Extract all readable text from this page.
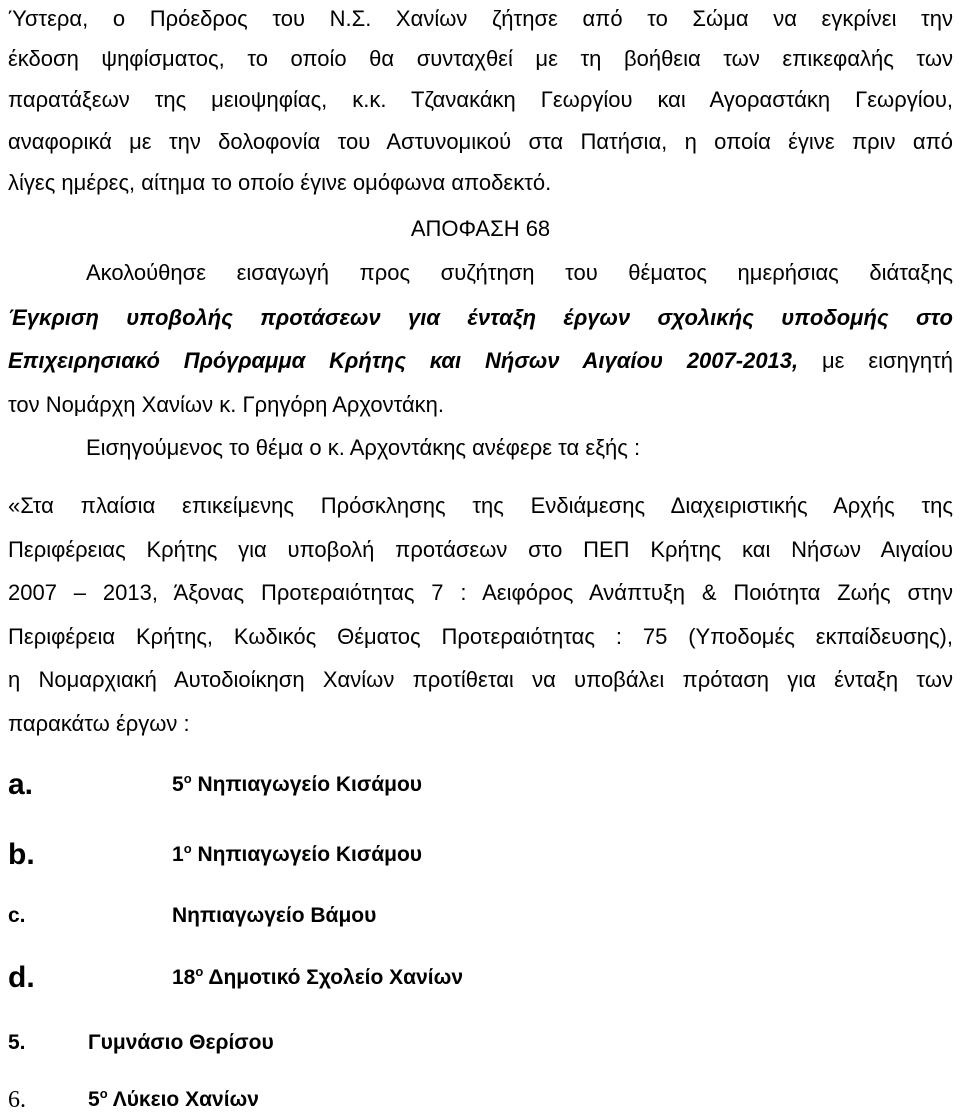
Ύστερα, ο Πρόεδρος του Ν.Σ. Χανίων ζήτησε από το Σώμα να εγκρίνει την
έκδοση ψηφίσματος, το οποίο θα συνταχθεί με τη βοήθεια των επικεφαλής των
παρατάξεων της μειοψηφίας, κ.κ. Τζανακάκη Γεωργίου και Αγοραστάκη Γεωργίου,
αναφορικά με την δολοφονία του Αστυνομικού στα Πατήσια, η οποία έγινε πριν από
λίγες ημέρες, αίτημα το οποίο έγινε ομόφωνα αποδεκτό.
ΑΠΟΦΑΣΗ 68
Ακολούθησε εισαγωγή προς συζήτηση του θέματος ημερήσιας διάταξης
Έγκριση υποβολής προτάσεων για ένταξη έργων σχολικής υποδομής στο
Επιχειρησιακό Πρόγραμμα Κρήτης και Νήσων Αιγαίου 2007-2013, με εισηγητή
τον Νομάρχη Χανίων κ. Γρηγόρη Αρχοντάκη.
Εισηγούμενος το θέμα ο κ. Αρχοντάκης ανέφερε τα εξής :
«Στα πλαίσια επικείμενης Πρόσκλησης της Ενδιάμεσης Διαχειριστικής Αρχής της
Περιφέρειας Κρήτης για υποβολή προτάσεων στο ΠΕΠ Κρήτης και Νήσων Αιγαίου
2007 – 2013, Άξονας Προτεραιότητας 7 : Αειφόρος Ανάπτυξη & Ποιότητα Ζωής στην
Περιφέρεια Κρήτης, Κωδικός Θέματος Προτεραιότητας : 75 (Υποδομές εκπαίδευσης),
η Νομαρχιακή Αυτοδιοίκηση Χανίων προτίθεται να υποβάλει πρόταση για ένταξη των
παρακάτω έργων :
a.	$5^o$ Νηπιαγωγείο Κισάμου
b.	$1^o$ Νηπιαγωγείο Κισάμου
c.	Νηπιαγωγείο Βάμου
d.	$18^o$ Δημοτικό Σχολείο Χανίων
5.	Γυμνάσιο Θερίσου
6.	$5^o$ Λύκειο Χανίων
